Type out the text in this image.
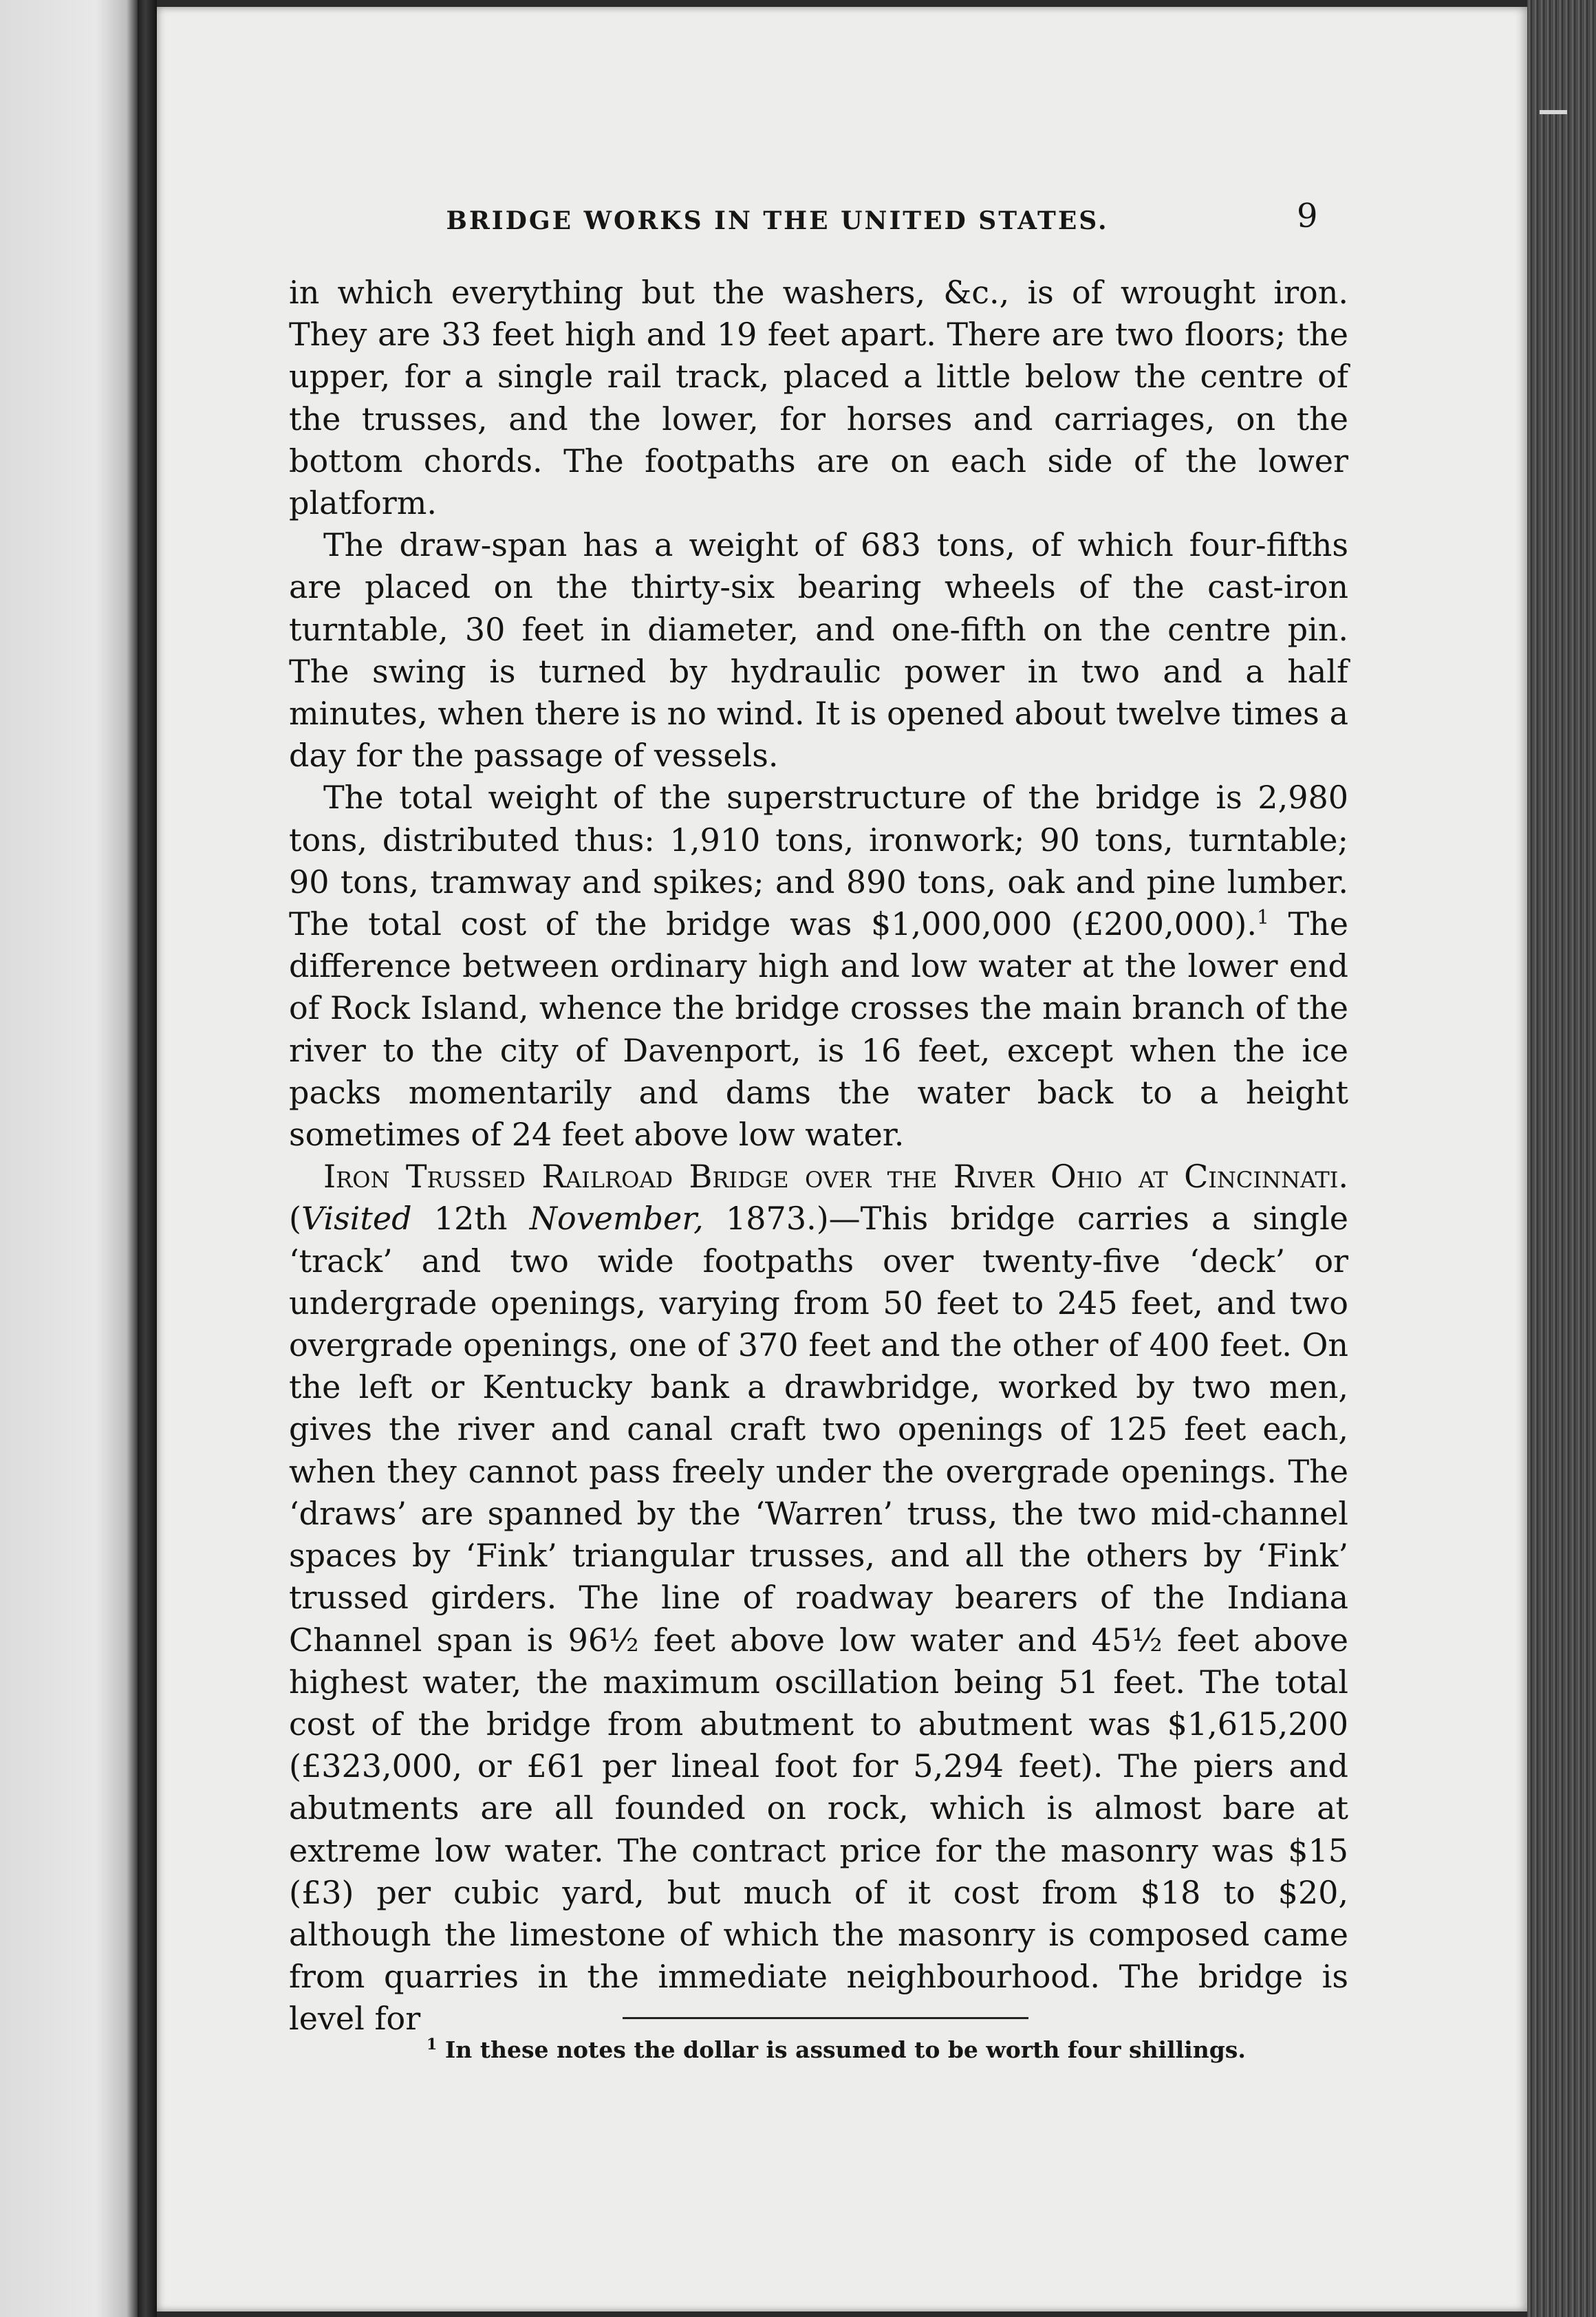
BRIDGE WORKS IN THE UNITED STATES.	9

in which everything but the washers, &c., is of wrought iron. They are 33 feet high and 19 feet apart. There are two floors; the upper, for a single rail track, placed a little below the centre of the trusses, and the lower, for horses and carriages, on the bottom chords. The footpaths are on each side of the lower platform.

The draw-span has a weight of 683 tons, of which four-fifths are placed on the thirty-six bearing wheels of the cast-iron turntable, 30 feet in diameter, and one-fifth on the centre pin. The swing is turned by hydraulic power in two and a half minutes, when there is no wind. It is opened about twelve times a day for the passage of vessels.

The total weight of the superstructure of the bridge is 2,980 tons, distributed thus: 1,910 tons, ironwork; 90 tons, turntable; 90 tons, tramway and spikes; and 890 tons, oak and pine lumber. The total cost of the bridge was $1,000,000 (£200,000).$^1$ The difference between ordinary high and low water at the lower end of Rock Island, whence the bridge crosses the main branch of the river to the city of Davenport, is 16 feet, except when the ice packs momentarily and dams the water back to a height sometimes of 24 feet above low water.

Iron Trussed Railroad Bridge over the River Ohio at Cincinnati. (Visited 12th November, 1873.)—This bridge carries a single ‘track’ and two wide footpaths over twenty-five ‘deck’ or undergrade openings, varying from 50 feet to 245 feet, and two overgrade openings, one of 370 feet and the other of 400 feet. On the left or Kentucky bank a drawbridge, worked by two men, gives the river and canal craft two openings of 125 feet each, when they cannot pass freely under the overgrade openings. The ‘draws’ are spanned by the ‘Warren’ truss, the two mid-channel spaces by ‘Fink’ triangular trusses, and all the others by ‘Fink’ trussed girders. The line of roadway bearers of the Indiana Channel span is 96½ feet above low water and 45½ feet above highest water, the maximum oscillation being 51 feet. The total cost of the bridge from abutment to abutment was $1,615,200 (£323,000, or £61 per lineal foot for 5,294 feet). The piers and abutments are all founded on rock, which is almost bare at extreme low water. The contract price for the masonry was $15 (£3) per cubic yard, but much of it cost from $18 to $20, although the limestone of which the masonry is composed came from quarries in the immediate neighbourhood. The bridge is level for

$^1$ In these notes the dollar is assumed to be worth four shillings.
